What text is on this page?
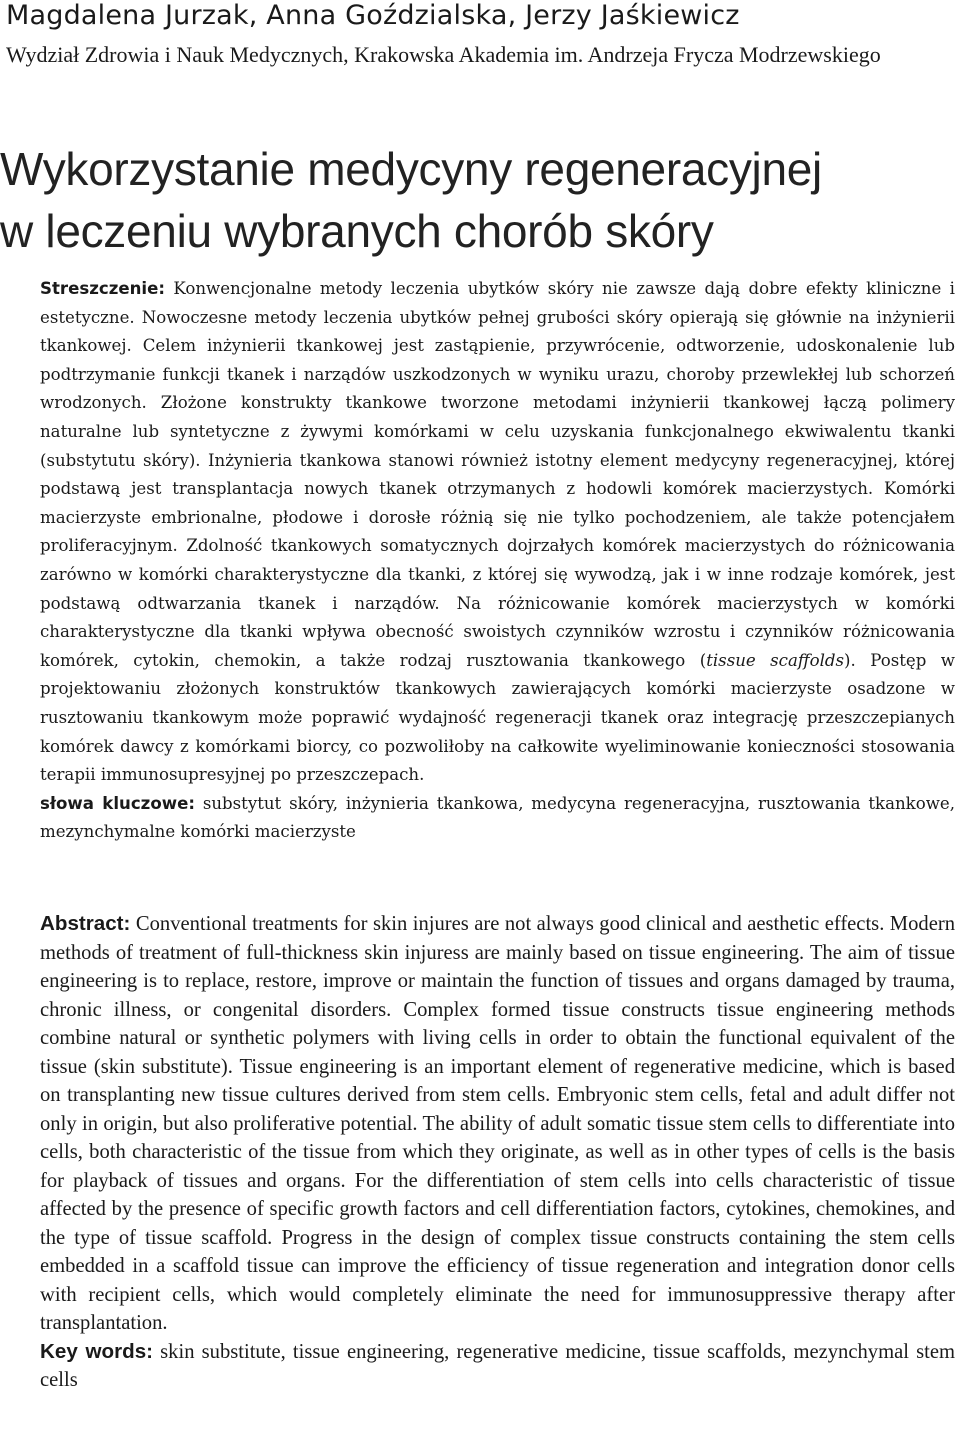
Magdalena Jurzak, Anna Goździalska, Jerzy Jaśkiewicz
Wydział Zdrowia i Nauk Medycznych, Krakowska Akademia im. Andrzeja Frycza Modrzewskiego
Wykorzystanie medycyny regeneracyjnej
w leczeniu wybranych chorób skóry

Streszczenie: Konwencjonalne metody leczenia ubytków skóry nie zawsze dają dobre efekty kliniczne i estetyczne. Nowoczesne metody leczenia ubytków pełnej grubości skóry opierają się głównie na inżynierii tkankowej. Celem inżynierii tkankowej jest zastąpienie, przywrócenie, odtworzenie, udoskonalenie lub podtrzymanie funkcji tkanek i narządów uszkodzonych w wyniku urazu, choroby przewlekłej lub schorzeń wrodzonych. Złożone konstrukty tkankowe tworzone metodami inżynierii tkankowej łączą polimery naturalne lub syntetyczne z żywymi komórkami w celu uzyskania funkcjonalnego ekwiwalentu tkanki (substytutu skóry). Inżynieria tkankowa stanowi również istotny element medycyny regeneracyjnej, której podstawą jest transplantacja nowych tkanek otrzymanych z hodowli komórek macierzystych. Komórki macierzyste embrionalne, płodowe i dorosłe różnią się nie tylko pochodzeniem, ale także potencjałem proliferacyjnym. Zdolność tkankowych somatycznych dojrzałych komórek macierzystych do różnicowania zarówno w komórki charakterystyczne dla tkanki, z której się wywodzą, jak i w inne rodzaje komórek, jest podstawą odtwarzania tkanek i narządów. Na różnicowanie komórek macierzystych w komórki charakterystyczne dla tkanki wpływa obecność swoistych czynników wzrostu i czynników różnicowania komórek, cytokin, chemokin, a także rodzaj rusztowania tkankowego (tissue scaffolds). Postęp w projektowaniu złożonych konstruktów tkankowych zawierających komórki macierzyste osadzone w rusztowaniu tkankowym może poprawić wydajność regeneracji tkanek oraz integrację przeszczepianych komórek dawcy z komórkami biorcy, co pozwoliłoby na całkowite wyeliminowanie konieczności stosowania terapii immunosupresyjnej po przeszczepach.

słowa kluczowe: substytut skóry, inżynieria tkankowa, medycyna regeneracyjna, rusztowania tkankowe, mezynchymalne komórki macierzyste

Abstract: Conventional treatments for skin injures are not always good clinical and aesthetic effects. Modern methods of treatment of full-thickness skin injuress are mainly based on tissue engineering. The aim of tissue engineering is to replace, restore, improve or maintain the function of tissues and organs damaged by trauma, chronic illness, or congenital disorders. Complex formed tissue constructs tissue engineering methods combine natural or synthetic polymers with living cells in order to obtain the functional equivalent of the tissue (skin substitute). Tissue engineering is an important element of regenerative medicine, which is based on transplanting new tissue cultures derived from stem cells. Embryonic stem cells, fetal and adult differ not only in origin, but also proliferative potential. The ability of adult somatic tissue stem cells to differentiate into cells, both characteristic of the tissue from which they originate, as well as in other types of cells is the basis for playback of tissues and organs. For the differentiation of stem cells into cells characteristic of tissue affected by the presence of specific growth factors and cell differentiation factors, cytokines, chemokines, and the type of tissue scaffold. Progress in the design of complex tissue constructs containing the stem cells embedded in a scaffold tissue can improve the efficiency of tissue regeneration and integration donor cells with recipient cells, which would completely eliminate the need for immunosuppressive therapy after transplantation.

Key words: skin substitute, tissue engineering, regenerative medicine, tissue scaffolds, mezynchymal stem cells
